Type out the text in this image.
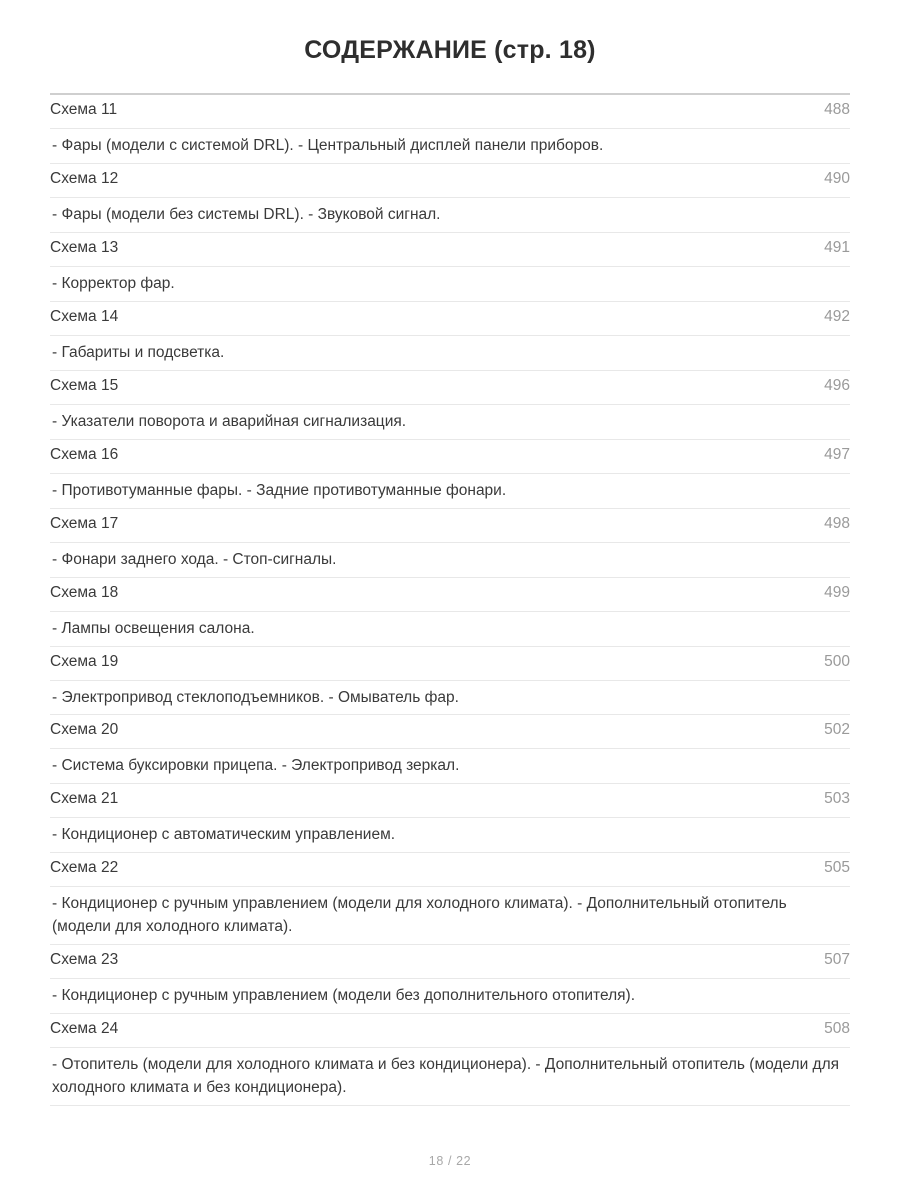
СОДЕРЖАНИЕ (стр. 18)
Схема 11	488
- Фары (модели с системой DRL). - Центральный дисплей панели приборов.
Схема 12	490
- Фары (модели без системы DRL). - Звуковой сигнал.
Схема 13	491
- Корректор фар.
Схема 14	492
- Габариты и подсветка.
Схема 15	496
- Указатели поворота и аварийная сигнализация.
Схема 16	497
- Противотуманные фары. - Задние противотуманные фонари.
Схема 17	498
- Фонари заднего хода. - Стоп-сигналы.
Схема 18	499
- Лампы освещения салона.
Схема 19	500
- Электропривод стеклоподъемников. - Омыватель фар.
Схема 20	502
- Система буксировки прицепа. - Электропривод зеркал.
Схема 21	503
- Кондиционер с автоматическим управлением.
Схема 22	505
- Кондиционер с ручным управлением (модели для холодного климата). - Дополнительный отопитель (модели для холодного климата).
Схема 23	507
- Кондиционер с ручным управлением (модели без дополнительного отопителя).
Схема 24	508
- Отопитель (модели для холодного климата и без кондиционера). - Дополнительный отопитель (модели для холодного климата и без кондиционера).
18 / 22
